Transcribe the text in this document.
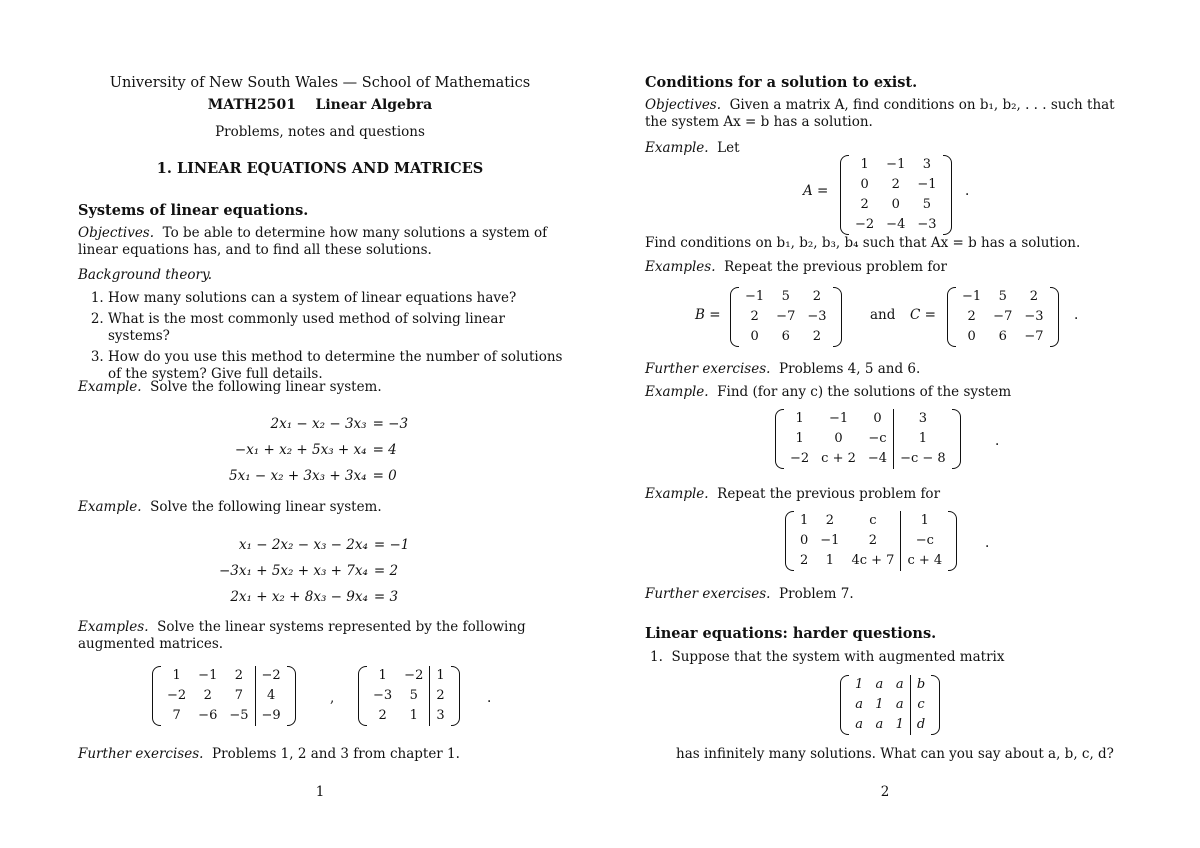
University of New South Wales — School of Mathematics
MATH2501 Linear Algebra
Problems, notes and questions
1. LINEAR EQUATIONS AND MATRICES
Systems of linear equations.
Objectives. To be able to determine how many solutions a system of linear equations has, and to find all these solutions.
Background theory.
1. How many solutions can a system of linear equations have?
2. What is the most commonly used method of solving linear systems?
3. How do you use this method to determine the number of solutions of the system? Give full details.
Example. Solve the following linear system.
2x₁ − x₂ − 3x₃	= −3
−x₁ + x₂ + 5x₃ + x₄	= 4
5x₁ − x₂ + 3x₃ + 3x₄	= 0
Example. Solve the following linear system.
x₁ − 2x₂ − x₃ − 2x₄	= −1
−3x₁ + 5x₂ + x₃ + 7x₄	= 2
2x₁ + x₂ + 8x₃ − 9x₄	= 3
Examples. Solve the linear systems represented by the following augmented matrices.
1	−1	2		−2
−2	2	7		4
7	−6	−5		−9
,
1	−2		1
−3	5		2
2	1		3
.
Further exercises. Problems 1, 2 and 3 from chapter 1.
1
Conditions for a solution to exist.
Objectives. Given a matrix A, find conditions on b₁, b₂, . . . such that the system Ax = b has a solution.
Example. Let
A =
1	−1	3
0	2	−1
2	0	5
−2	−4	−3
.
Find conditions on b₁, b₂, b₃, b₄ such that Ax = b has a solution.
Examples. Repeat the previous problem for
B =
−1	5	2
2	−7	−3
0	6	2
and C =
−1	5	2
2	−7	−3
0	6	−7
.
Further exercises. Problems 4, 5 and 6.
Example. Find (for any c) the solutions of the system
1	−1	0		3
1	0	−c		1
−2	c + 2	−4		−c − 8
.
Example. Repeat the previous problem for
1	2	c		1
0	−1	2		−c
2	1	4c + 7		c + 4
.
Further exercises. Problem 7.
Linear equations: harder questions.
1.  Suppose that the system with augmented matrix
1	a	a		b
a	1	a		c
a	a	1		d
has infinitely many solutions. What can you say about a, b, c, d?
2
